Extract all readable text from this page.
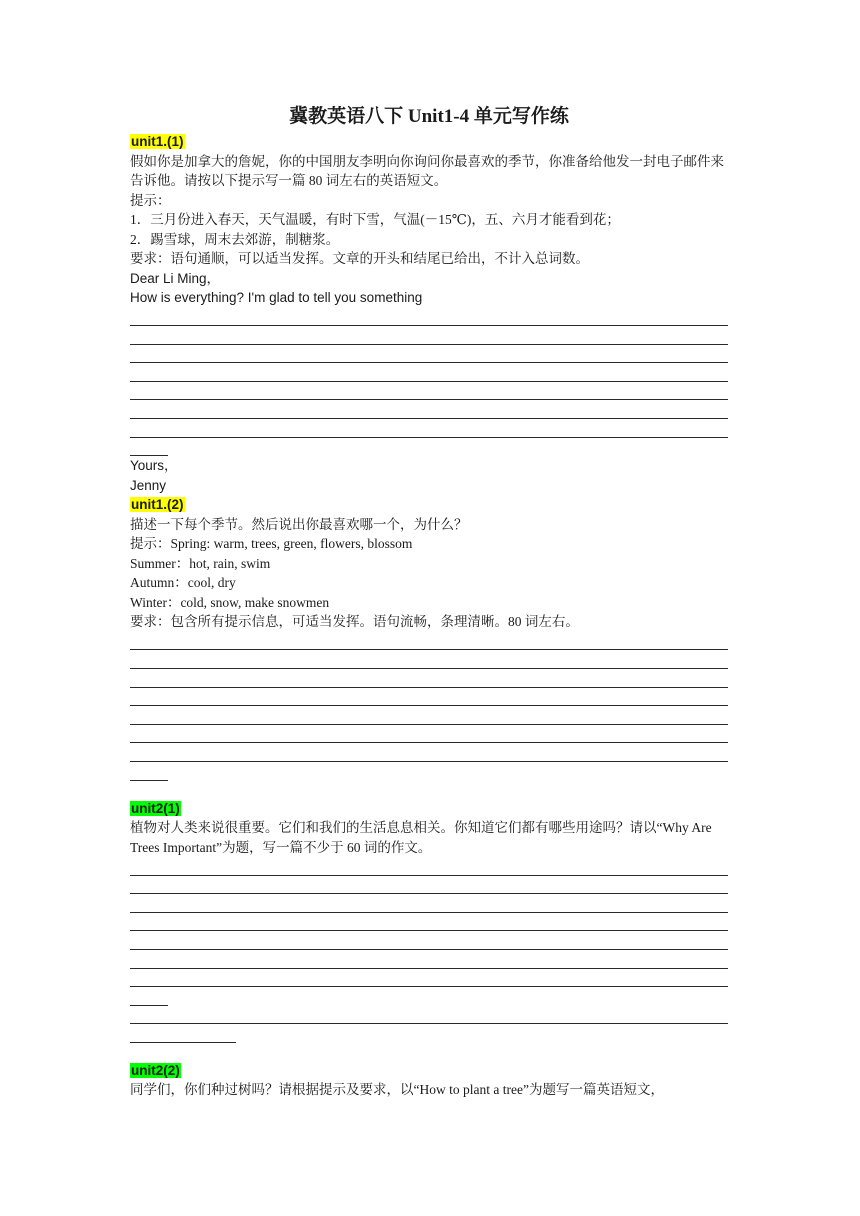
冀教英语八下 Unit1-4 单元写作练
unit1.(1)
假如你是加拿大的詹妮，你的中国朋友李明向你询问你最喜欢的季节，你准备给他发一封电子邮件来告诉他。请按以下提示写一篇 80 词左右的英语短文。
提示：
1．三月份进入春天，天气温暖，有时下雪，气温(－15℃)，五、六月才能看到花；
2．踢雪球，周末去郊游，制糖浆。
要求：语句通顺，可以适当发挥。文章的开头和结尾已给出，不计入总词数。
Dear Li Ming，
How is everything? I'm glad to tell you something
Yours，
Jenny
unit1.(2)
描述一下每个季节。然后说出你最喜欢哪一个，为什么？
提示：Spring: warm, trees, green, flowers, blossom
Summer：hot, rain, swim
Autumn：cool, dry
Winter：cold, snow, make snowmen
要求：包含所有提示信息，可适当发挥。语句流畅，条理清晰。80 词左右。
unit2(1)
植物对人类来说很重要。它们和我们的生活息息相关。你知道它们都有哪些用途吗？请以“Why Are Trees Important”为题，写一篇不少于 60 词的作文。
unit2(2)
同学们，你们种过树吗？请根据提示及要求，以“How to plant a tree”为题写一篇英语短文，
